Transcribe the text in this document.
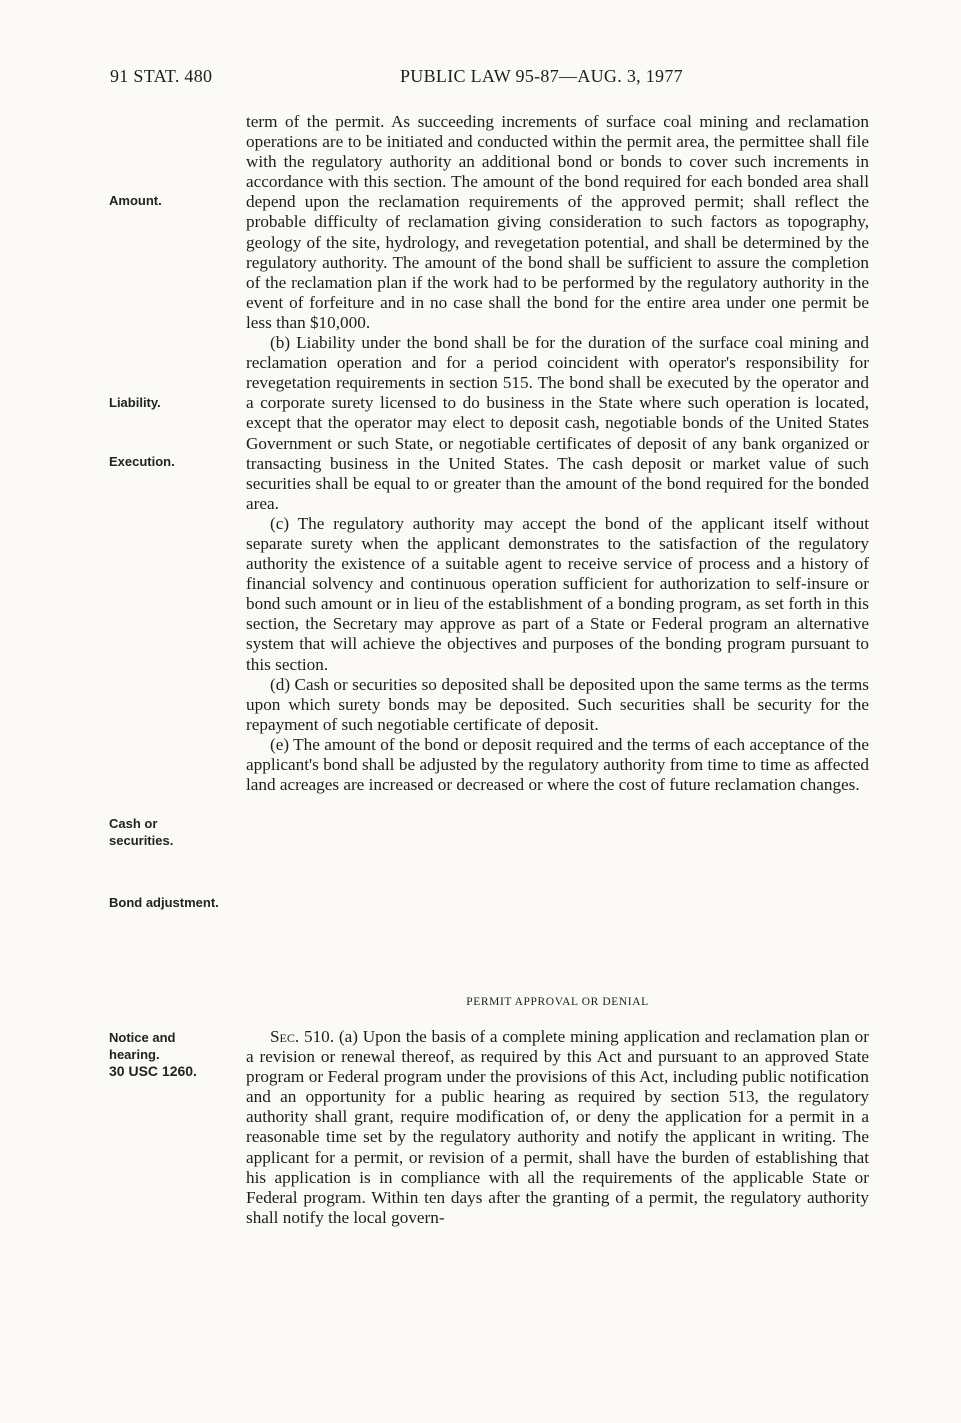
91 STAT. 480	PUBLIC LAW 95-87—AUG. 3, 1977
Amount.
Liability.
Execution.
Cash or
securities.
Bond adjustment.
Notice and
hearing.
30 USC 1260.

term of the permit. As succeeding increments of surface coal mining and reclamation operations are to be initiated and conducted within the permit area, the permittee shall file with the regulatory authority an additional bond or bonds to cover such increments in accordance with this section. The amount of the bond required for each bonded area shall depend upon the reclamation requirements of the approved permit; shall reflect the probable difficulty of reclamation giving consideration to such factors as topography, geology of the site, hydrology, and revegetation potential, and shall be determined by the regulatory authority. The amount of the bond shall be sufficient to assure the completion of the reclamation plan if the work had to be performed by the regulatory authority in the event of forfeiture and in no case shall the bond for the entire area under one permit be less than $10,000.

(b) Liability under the bond shall be for the duration of the surface coal mining and reclamation operation and for a period coincident with operator's responsibility for revegetation requirements in section 515. The bond shall be executed by the operator and a corporate surety licensed to do business in the State where such operation is located, except that the operator may elect to deposit cash, negotiable bonds of the United States Government or such State, or negotiable certificates of deposit of any bank organized or transacting business in the United States. The cash deposit or market value of such securities shall be equal to or greater than the amount of the bond required for the bonded area.

(c) The regulatory authority may accept the bond of the applicant itself without separate surety when the applicant demonstrates to the satisfaction of the regulatory authority the existence of a suitable agent to receive service of process and a history of financial solvency and continuous operation sufficient for authorization to self-insure or bond such amount or in lieu of the establishment of a bonding program, as set forth in this section, the Secretary may approve as part of a State or Federal program an alternative system that will achieve the objectives and purposes of the bonding program pursuant to this section.

(d) Cash or securities so deposited shall be deposited upon the same terms as the terms upon which surety bonds may be deposited. Such securities shall be security for the repayment of such negotiable certificate of deposit.

(e) The amount of the bond or deposit required and the terms of each acceptance of the applicant's bond shall be adjusted by the regulatory authority from time to time as affected land acreages are increased or decreased or where the cost of future reclamation changes.

PERMIT APPROVAL OR DENIAL

Sec. 510. (a) Upon the basis of a complete mining application and reclamation plan or a revision or renewal thereof, as required by this Act and pursuant to an approved State program or Federal program under the provisions of this Act, including public notification and an opportunity for a public hearing as required by section 513, the regulatory authority shall grant, require modification of, or deny the application for a permit in a reasonable time set by the regulatory authority and notify the applicant in writing. The applicant for a permit, or revision of a permit, shall have the burden of establishing that his application is in compliance with all the requirements of the applicable State or Federal program. Within ten days after the granting of a permit, the regulatory authority shall notify the local govern-
